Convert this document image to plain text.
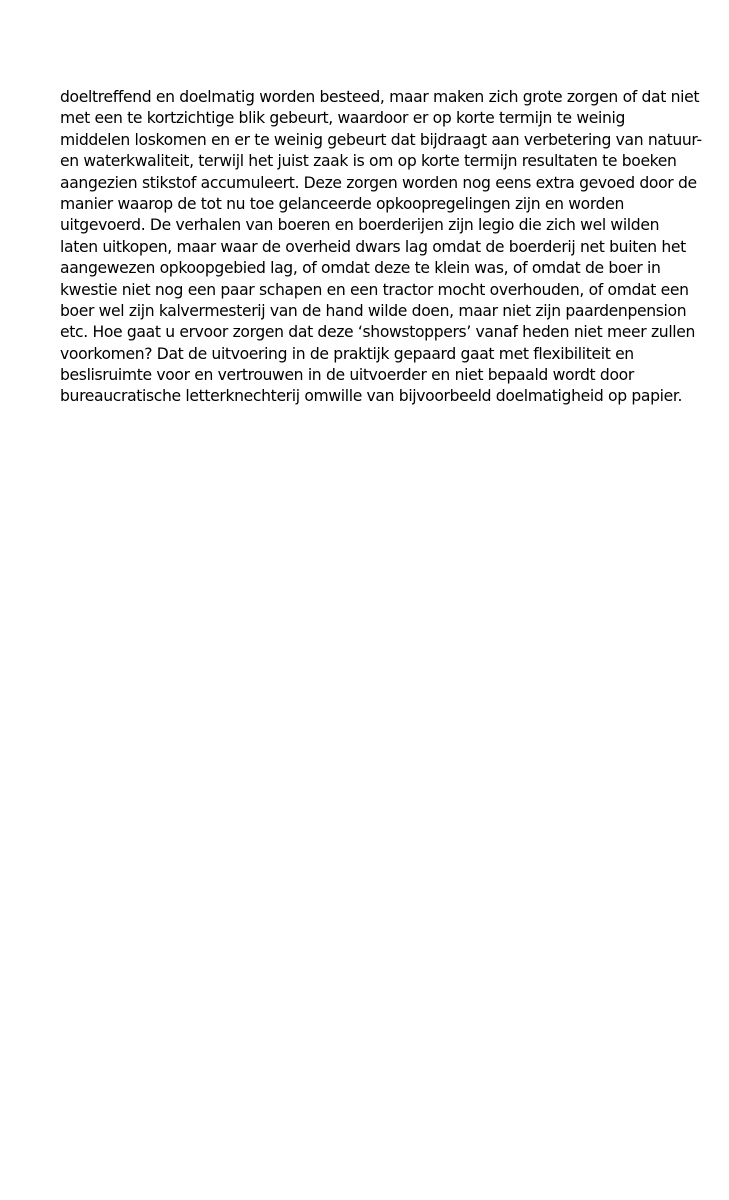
doeltreffend en doelmatig worden besteed, maar maken zich grote zorgen of dat niet
met een te kortzichtige blik gebeurt, waardoor er op korte termijn te weinig
middelen loskomen en er te weinig gebeurt dat bijdraagt aan verbetering van natuur-
en waterkwaliteit, terwijl het juist zaak is om op korte termijn resultaten te boeken
aangezien stikstof accumuleert. Deze zorgen worden nog eens extra gevoed door de
manier waarop de tot nu toe gelanceerde opkoopregelingen zijn en worden
uitgevoerd. De verhalen van boeren en boerderijen zijn legio die zich wel wilden
laten uitkopen, maar waar de overheid dwars lag omdat de boerderij net buiten het
aangewezen opkoopgebied lag, of omdat deze te klein was, of omdat de boer in
kwestie niet nog een paar schapen en een tractor mocht overhouden, of omdat een
boer wel zijn kalvermesterij van de hand wilde doen, maar niet zijn paardenpension
etc. Hoe gaat u ervoor zorgen dat deze ‘showstoppers’ vanaf heden niet meer zullen
voorkomen? Dat de uitvoering in de praktijk gepaard gaat met flexibiliteit en
beslisruimte voor en vertrouwen in de uitvoerder en niet bepaald wordt door
bureaucratische letterknechterij omwille van bijvoorbeeld doelmatigheid op papier.
